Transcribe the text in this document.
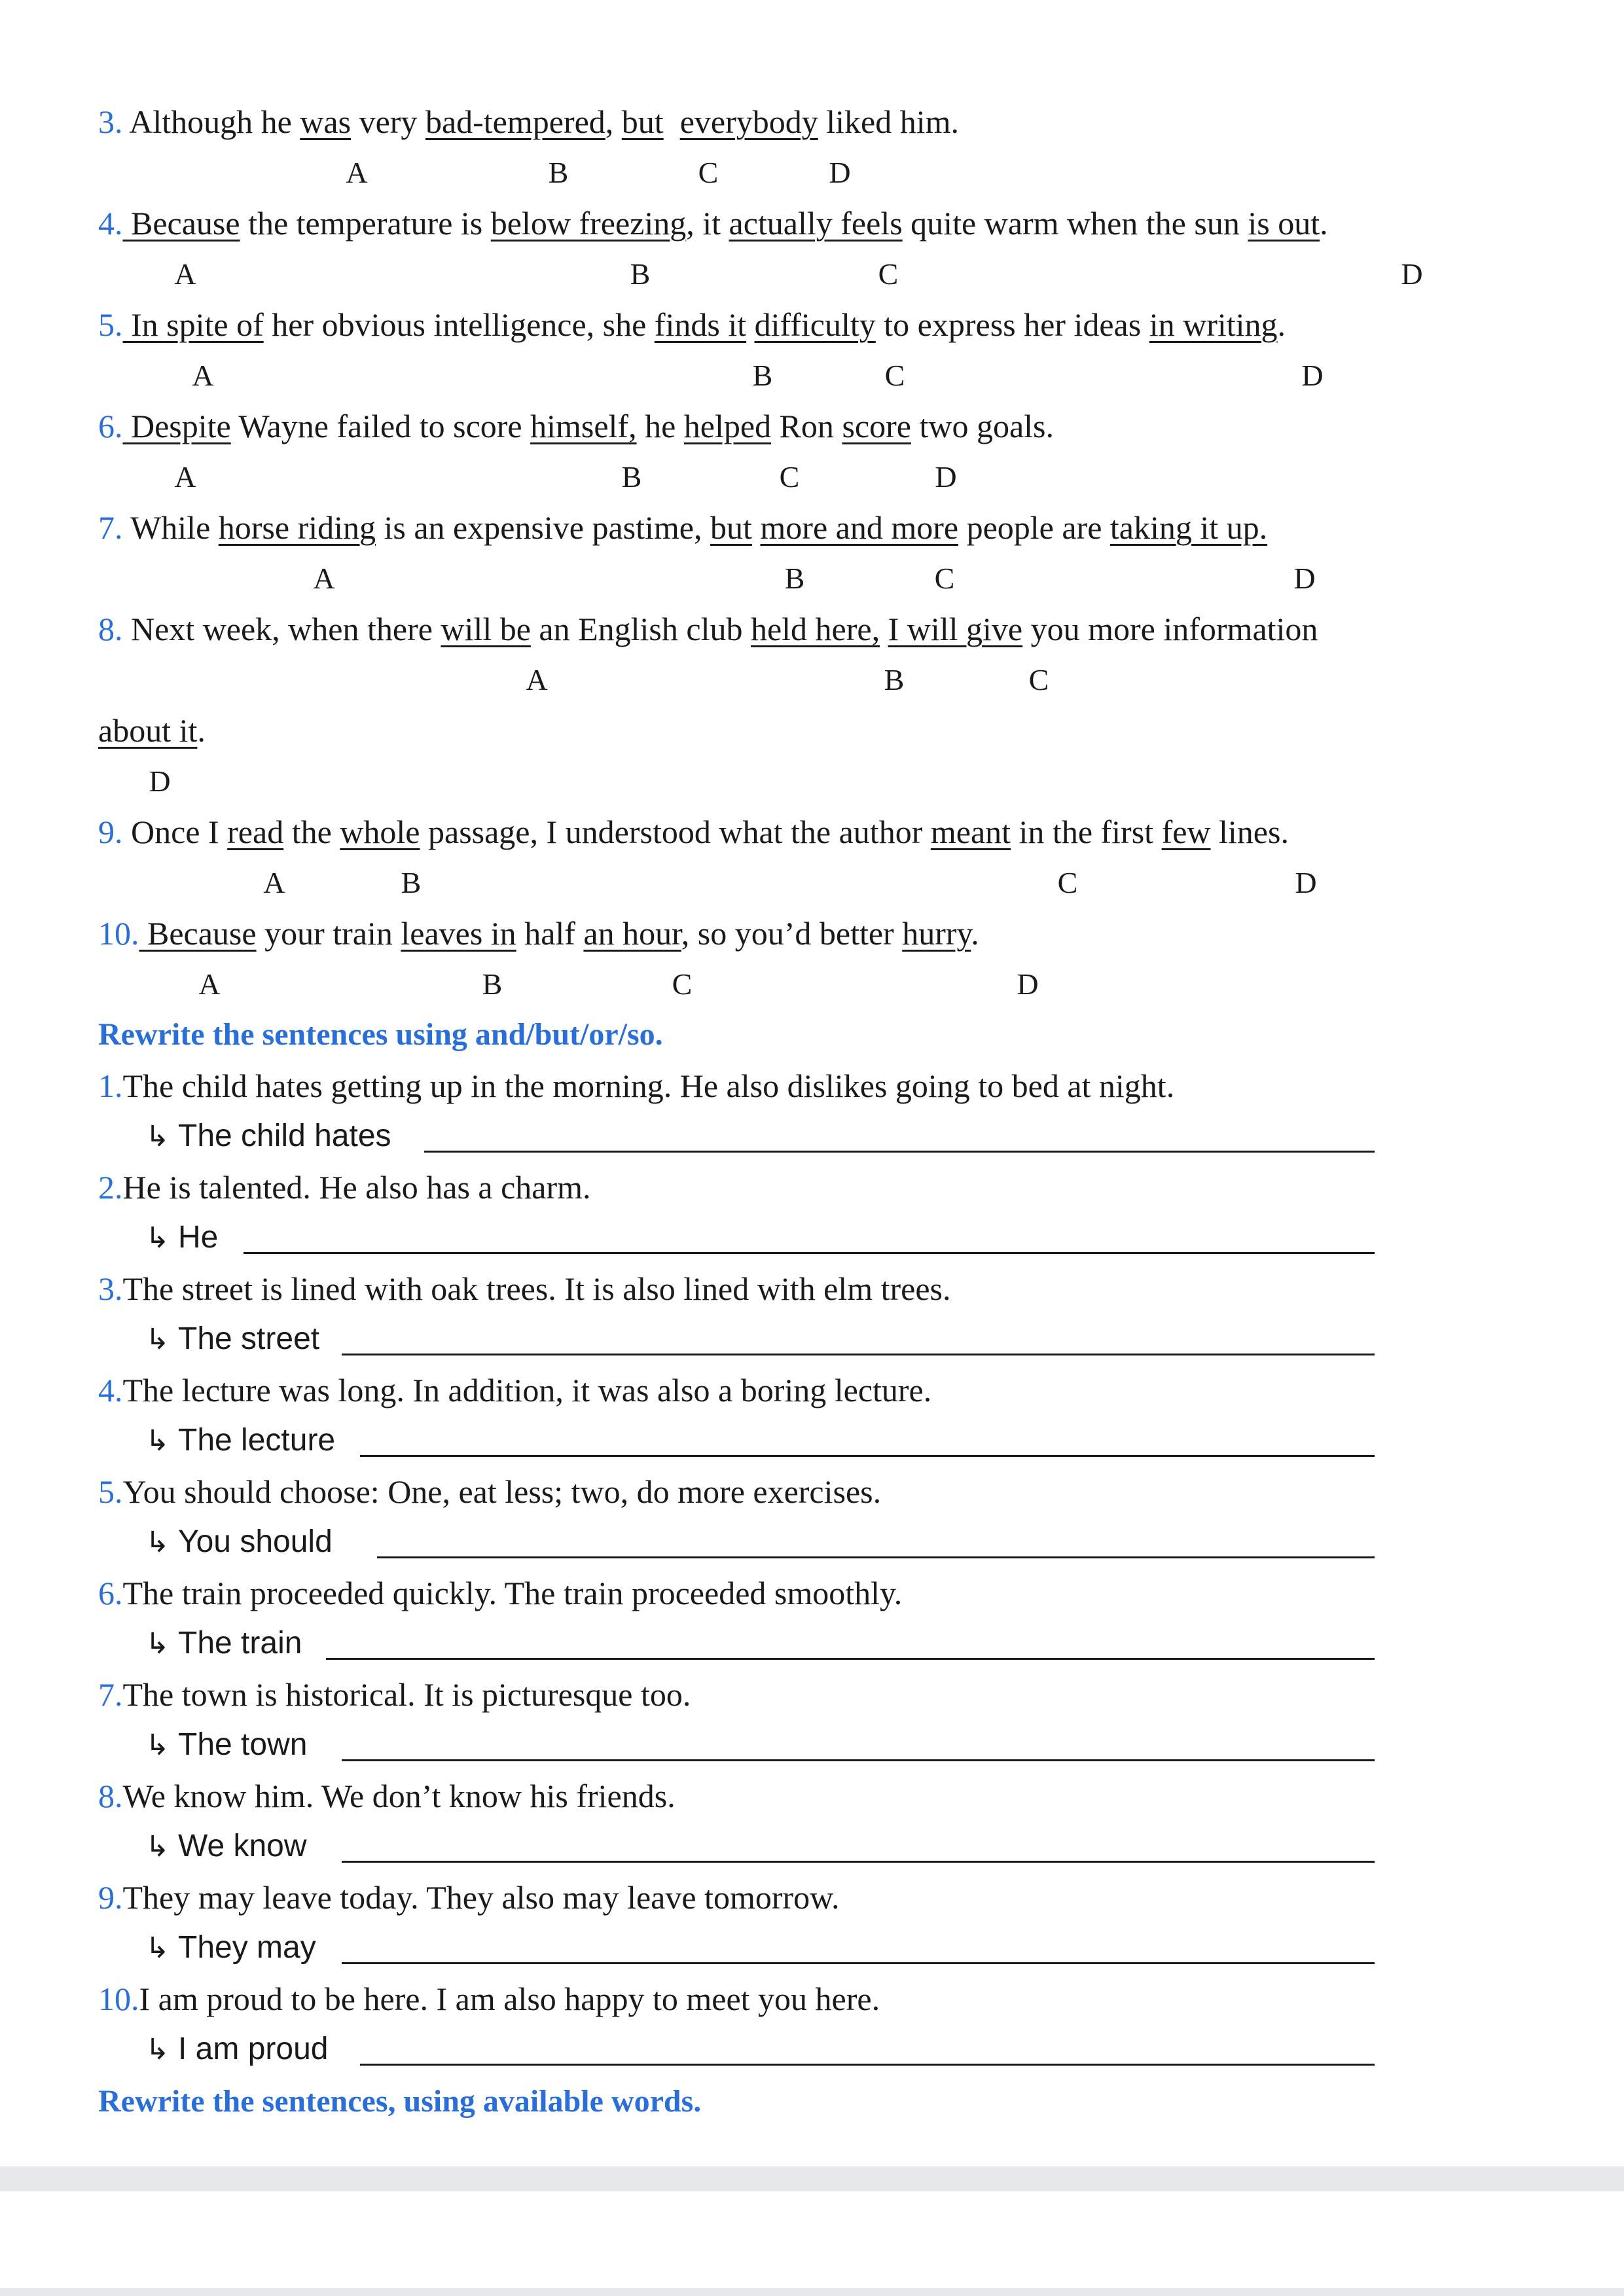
3. Although he was very bad-tempered, but everybody liked him.
A	B	C	D
4. Because the temperature is below freezing, it actually feels quite warm when the sun is out.
A	B	C	D
5. In spite of her obvious intelligence, she finds it difficulty to express her ideas in writing.
A	B	C	D
6. Despite Wayne failed to score himself, he helped Ron score two goals.
A	B	C	D
7. While horse riding is an expensive pastime, but more and more people are taking it up.
A	B	C	D
8. Next week, when there will be an English club held here, I will give you more information
A	B	C
about it.
D
9. Once I read the whole passage, I understood what the author meant in the first few lines.
A	B	C	D
10. Because your train leaves in half an hour, so you’d better hurry.
A	B	C	D
Rewrite the sentences using and/but/or/so.
1.The child hates getting up in the morning. He also dislikes going to bed at night.
↳ The child hates
2.He is talented. He also has a charm.
↳ He
3.The street is lined with oak trees. It is also lined with elm trees.
↳ The street
4.The lecture was long. In addition, it was also a boring lecture.
↳ The lecture
5.You should choose: One, eat less; two, do more exercises.
↳ You should
6.The train proceeded quickly. The train proceeded smoothly.
↳ The train
7.The town is historical. It is picturesque too.
↳ The town
8.We know him. We don’t know his friends.
↳ We know
9.They may leave today. They also may leave tomorrow.
↳ They may
10.I am proud to be here. I am also happy to meet you here.
↳ I am proud
Rewrite the sentences, using available words.
